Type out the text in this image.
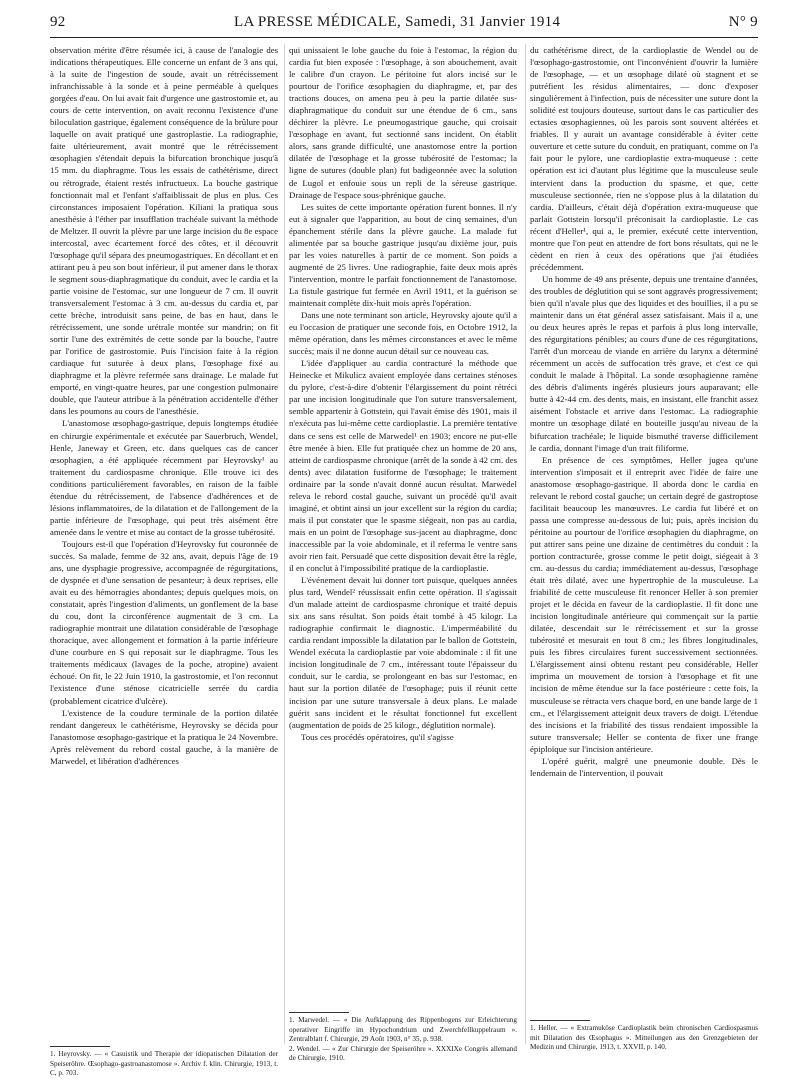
92	LA PRESSE MÉDICALE, Samedi, 31 Janvier 1914	N° 9

observation mérite d'être résumée ici, à cause de l'analogie des indications thérapeutiques. Elle concerne un enfant de 3 ans qui, à la suite de l'ingestion de soude, avait un rétrécissement infranchissable à la sonde et à peine perméable à quelques gorgées d'eau. On lui avait fait d'urgence une gastrostomie et, au cours de cette intervention, on avait reconnu l'existence d'une biloculation gastrique, également conséquence de la brûlure pour laquelle on avait pratiqué une gastroplastie. La radiographie, faite ultérieurement, avait montré que le rétrécissement œsophagien s'étendait depuis la bifurcation bronchique jusqu'à 15 mm. du diaphragme. Tous les essais de cathétérisme, direct ou rétrograde, étaient restés infructueux. La bouche gastrique fonctionnait mal et l'enfant s'affaiblissait de plus en plus. Ces circonstances imposaient l'opération. Kiliani la pratiqua sous anesthésie à l'éther par insufflation trachéale suivant la méthode de Meltzer. Il ouvrit la plèvre par une large incision du 8e espace intercostal, avec écartement forcé des côtes, et il découvrit l'œsophage qu'il sépara des pneumogastriques. En décollant et en attirant peu à peu son bout inférieur, il put amener dans le thorax le segment sous-diaphragmatique du conduit, avec le cardia et la partie voisine de l'estomac, sur une longueur de 7 cm. Il ouvrit transversalement l'estomac à 3 cm. au-dessus du cardia et, par cette brèche, introduisit sans peine, de bas en haut, dans le rétrécissement, une sonde urétrale montée sur mandrin; on fit sortir l'une des extrémités de cette sonde par la bouche, l'autre par l'orifice de gastrostomie. Puis l'incision faite à la région cardiaque fut suturée à deux plans, l'œsophage fixé au diaphragme et la plèvre refermée sans drainage. Le malade fut emporté, en vingt-quatre heures, par une congestion pulmonaire double, que l'auteur attribue à la pénétration accidentelle d'éther dans les poumons au cours de l'anesthésie.

L'anastomose œsophago-gastrique, depuis longtemps étudiée en chirurgie expérimentale et exécutée par Sauerbruch, Wendel, Henle, Janeway et Green, etc. dans quelques cas de cancer œsophagien, a été appliquée récemment par Heyrovsky¹ au traitement du cardiospasme chronique. Elle trouve ici des conditions particulièrement favorables, en raison de la faible étendue du rétrécissement, de l'absence d'adhérences et de lésions inflammatoires, de la dilatation et de l'allongement de la partie inférieure de l'œsophage, qui peut très aisément être amenée dans le ventre et mise au contact de la grosse tubérosité.

Toujours est-il que l'opération d'Heyrovsky fut couronnée de succès. Sa malade, femme de 32 ans, avait, depuis l'âge de 19 ans, une dysphagie progressive, accompagnée de régurgitations, de dyspnée et d'une sensation de pesanteur; à deux reprises, elle avait eu des hémorragies abondantes; depuis quelques mois, on constatait, après l'ingestion d'aliments, un gonflement de la base du cou, dont la circonférence augmentait de 3 cm. La radiographie montrait une dilatation considérable de l'œsophage thoracique, avec allongement et formation à la partie inférieure d'une courbure en S qui reposait sur le diaphragme. Tous les traitements médicaux (lavages de la poche, atropine) avaient échoué. On fit, le 22 Juin 1910, la gastrostomie, et l'on reconnut l'existence d'une sténose cicatricielle serrée du cardia (probablement cicatrice d'ulcère).

L'existence de la coudure terminale de la portion dilatée rendant dangereux le cathétérisme, Heyrovsky se décida pour l'anastomose œsophago-gastrique et la pratiqua le 24 Novembre. Après relèvement du rebord costal gauche, à la manière de Marwedel, et libération d'adhérences

qui unissaient le lobe gauche du foie à l'estomac, la région du cardia fut bien exposée : l'œsophage, à son abouchement, avait le calibre d'un crayon. Le péritoine fut alors incisé sur le pourtour de l'orifice œsophagien du diaphragme, et, par des tractions douces, on amena peu à peu la partie dilatée sus-diaphragmatique du conduit sur une étendue de 6 cm., sans déchirer la plèvre. Le pneumogastrique gauche, qui croisait l'œsophage en avant, fut sectionné sans incident. On établit alors, sans grande difficulté, une anastomose entre la portion dilatée de l'œsophage et la grosse tubérosité de l'estomac; la ligne de sutures (double plan) fut badigeonnée avec la solution de Lugol et enfouie sous un repli de la séreuse gastrique. Drainage de l'espace sous-phrénique gauche.

Les suites de cette importante opération furent bonnes. Il n'y eut à signaler que l'apparition, au bout de cinq semaines, d'un épanchement stérile dans la plèvre gauche. La malade fut alimentée par sa bouche gastrique jusqu'au dixième jour, puis par les voies naturelles à partir de ce moment. Son poids a augmenté de 25 livres. Une radiographie, faite deux mois après l'intervention, montre le parfait fonctionnement de l'anastomose. La fistule gastrique fut fermée en Avril 1911, et la guérison se maintenait complète dix-huit mois après l'opération.

Dans une note terminant son article, Heyrovsky ajoute qu'il a eu l'occasion de pratiquer une seconde fois, en Octobre 1912, la même opération, dans les mêmes circonstances et avec le même succès; mais il ne donne aucun détail sur ce nouveau cas.

L'idée d'appliquer au cardia contracturé la méthode que Heinecke et Mikulicz avaient employée dans certaines sténoses du pylore, c'est-à-dire d'obtenir l'élargissement du point rétréci par une incision longitudinale que l'on suture transversalement, semble appartenir à Gottstein, qui l'avait émise dès 1901, mais il n'exécuta pas lui-même cette cardioplastie. La première tentative dans ce sens est celle de Marwedel¹ en 1903; encore ne put-elle être menée à bien. Elle fut pratiquée chez un homme de 20 ans, atteint de cardiospasme chronique (arrêt de la sonde à 42 cm. des dents) avec dilatation fusiforme de l'œsophage; le traitement ordinaire par la sonde n'avait donné aucun résultat. Marwedel releva le rebord costal gauche, suivant un procédé qu'il avait imaginé, et obtint ainsi un jour excellent sur la région du cardia; mais il put constater que le spasme siégeait, non pas au cardia, mais en un point de l'œsophage sus-jacent au diaphragme, donc inaccessible par la voie abdominale, et il referma le ventre sans avoir rien fait. Persuadé que cette disposition devait être la règle, il en conclut à l'impossibilité pratique de la cardioplastie.

L'événement devait lui donner tort puisque, quelques années plus tard, Wendel² réussissait enfin cette opération. Il s'agissait d'un malade atteint de cardiospasme chronique et traité depuis six ans sans résultat. Son poids était tombé à 45 kilogr. La radiographie confirmait le diagnostic. L'imperméabilité du cardia rendant impossible la dilatation par le ballon de Gottstein, Wendel exécuta la cardioplastie par voie abdominale : il fit une incision longitudinale de 7 cm., intéressant toute l'épaisseur du conduit, sur le cardia, se prolongeant en bas sur l'estomac, en haut sur la portion dilatée de l'œsophage; puis il réunit cette incision par une suture transversale à deux plans. Le malade guérit sans incident et le résultat fonctionnel fut excellent (augmentation de poids de 25 kilogr., déglutition normale).

Tous ces procédés opératoires, qu'il s'agisse

du cathétérisme direct, de la cardioplastie de Wendel ou de l'œsophago-gastrostomie, ont l'inconvénient d'ouvrir la lumière de l'œsophage, — et un œsophage dilaté où stagnent et se putréfient les résidus alimentaires, — donc d'exposer singulièrement à l'infection, puis de nécessiter une suture dont la solidité est toujours douteuse, surtout dans le cas particulier des ectasies œsophagiennes, où les parois sont souvent altérées et friables. Il y aurait un avantage considérable à éviter cette ouverture et cette suture du conduit, en pratiquant, comme on l'a fait pour le pylore, une cardioplastie extra-muqueuse : cette opération est ici d'autant plus légitime que la musculeuse seule intervient dans la production du spasme, et que, cette musculeuse sectionnée, rien ne s'oppose plus à la dilatation du cardia. D'ailleurs, c'était déjà d'opération extra-muqueuse que parlait Gottstein lorsqu'il préconisait la cardioplastie. Le cas récent d'Heller¹, qui a, le premier, exécuté cette intervention, montre que l'on peut en attendre de fort bons résultats, qui ne le cèdent en rien à ceux des opérations que j'ai étudiées précédemment.

Un homme de 49 ans présente, depuis une trentaine d'années, des troubles de déglutition qui se sont aggravés progressivement; bien qu'il n'avale plus que des liquides et des bouillies, il a pu se maintenir dans un état général assez satisfaisant. Mais il a, une ou deux heures après le repas et parfois à plus long intervalle, des régurgitations pénibles; au cours d'une de ces régurgitations, l'arrêt d'un morceau de viande en arrière du larynx a déterminé récemment un accès de suffocation très grave, et c'est ce qui conduit le malade à l'hôpital. La sonde œsophagienne ramène des débris d'aliments ingérés plusieurs jours auparavant; elle butte à 42-44 cm. des dents, mais, en insistant, elle franchit assez aisément l'obstacle et arrive dans l'estomac. La radiographie montre un œsophage dilaté en bouteille jusqu'au niveau de la bifurcation trachéale; le liquide bismuthé traverse difficilement le cardia, donnant l'image d'un trait filiforme.

En présence de ces symptômes, Heller jugea qu'une intervention s'imposait et il entreprit avec l'idée de faire une anastomose œsophago-gastrique. Il aborda donc le cardia en relevant le rebord costal gauche; un certain degré de gastroptose facilitait beaucoup les manœuvres. Le cardia fut libéré et on passa une compresse au-dessous de lui; puis, après incision du péritoine au pourtour de l'orifice œsophagien du diaphragme, on put attirer sans peine une dizaine de centimètres du conduit : la portion contracturée, grosse comme le petit doigt, siégeait à 3 cm. au-dessus du cardia; immédiatement au-dessus, l'œsophage était très dilaté, avec une hypertrophie de la musculeuse. La friabilité de cette musculeuse fit renoncer Heller à son premier projet et le décida en faveur de la cardioplastie. Il fit donc une incision longitudinale antérieure qui commençait sur la partie dilatée, descendait sur le rétrécissement et sur la grosse tubérosité et mesurait en tout 8 cm.; les fibres longitudinales, puis les fibres circulaires furent successivement sectionnées. L'élargissement ainsi obtenu restant peu considérable, Heller imprima un mouvement de torsion à l'œsophage et fit une incision de même étendue sur la face postérieure : cette fois, la musculeuse se rétracta vers chaque bord, en une bande large de 1 cm., et l'élargissement atteignit deux travers de doigt. L'étendue des incisions et la friabilité des tissus rendaient impossible la suture transversale; Heller se contenta de fixer une frange épiploïque sur l'incision antérieure.

L'opéré guérit, malgré une pneumonie double. Dès le lendemain de l'intervention, il pouvait

1. Heyrovsky. — « Casuistik und Therapie der idiopatischen Dilatation der Speiseröhre. Œsophago-gastroanastomose ». Archiv f. klin. Chirurgie, 1913, t. C, p. 703.

1. Marwedel. — « Die Aufklappung des Rippenbogens zur Erleichterung operativer Eingriffe im Hypochondrium und Zwerchfellkuppelraum ». Zentralblatt f. Chirurgie, 29 Août 1903, n° 35, p. 938.

2. Wendel. — « Zur Chirurgie der Speiseröhre ». XXXIXe Congrès allemand de Chirurgie, 1910.

1. Heller. — « Extramuköse Cardioplastik beim chronischen Cardiospasmus mit Dilatation des Œsophagus ». Mitteilungen aus den Grenzgebieten der Medizin und Chirurgie, 1913, t. XXVII, p. 140.
